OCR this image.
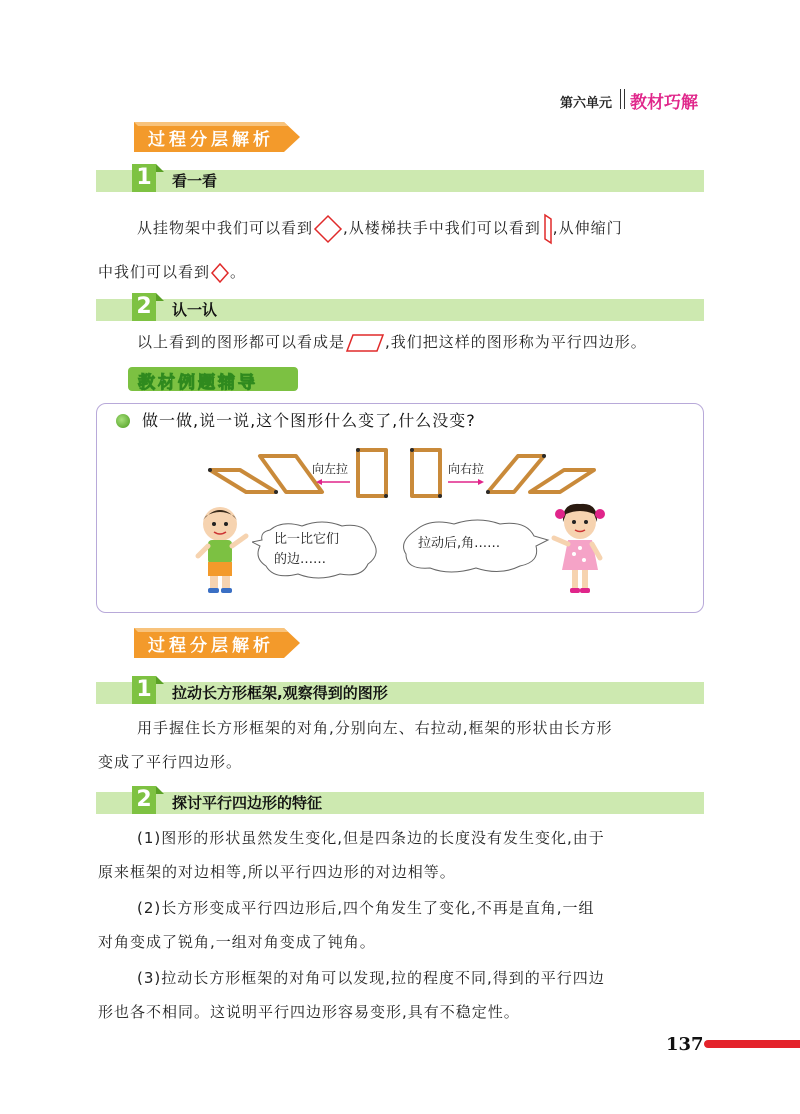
第六单元 教材巧解
过程分层解析
1 看一看
从挂物架中我们可以看到 ,从楼梯扶手中我们可以看到 ,从伸缩门
中我们可以看到 。
2 认一认
以上看到的图形都可以看成是	,我们把这样的图形称为平行四边形。
教材例题辅导
做一做,说一说,这个图形什么变了,什么没变?
向左拉	向右拉
比一比它们
的边……
拉动后,角……
过程分层解析
1 拉动长方形框架,观察得到的图形
用手握住长方形框架的对角,分别向左、右拉动,框架的形状由长方形
变成了平行四边形。
2 探讨平行四边形的特征
(1)图形的形状虽然发生变化,但是四条边的长度没有发生变化,由于
原来框架的对边相等,所以平行四边形的对边相等。
(2)长方形变成平行四边形后,四个角发生了变化,不再是直角,一组
对角变成了锐角,一组对角变成了钝角。
(3)拉动长方形框架的对角可以发现,拉的程度不同,得到的平行四边
形也各不相同。这说明平行四边形容易变形,具有不稳定性。
137
